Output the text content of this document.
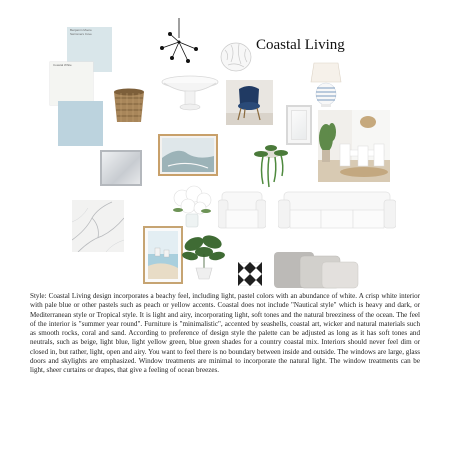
Coastal Living
Benjamin Moore Swimmers Cove
Coastal White
Style: Coastal Living design incorporates a beachy feel, including light, pastel colors with an abundance of white. A crisp white interior with pale blue or other pastels such as peach or yellow accents. Coastal does not include "Nautical style" which is heavy and dark, or Mediterranean style or Tropical style. It is light and airy, incorporating light, soft tones and the natural breeziness of the ocean. The feel of the interior is "summer year round". Furniture is "minimalistic", accented by seashells, coastal art, wicker and natural materials such as smooth rocks, coral and sand. According to preference of design style the palette can be adjusted as long as it has soft tones and neutrals, such as beige, light blue, light yellow green, blue green shades for a country coastal mix. Interiors should never feel dim or closed in, but rather, light, open and airy. You want to feel there is no boundary between inside and outside. The windows are large, glass doors and skylights are emphasized. Window treatments are minimal to incorporate the natural light. The window treatments can be light, sheer curtains or drapes, that give a feeling of ocean breezes.
